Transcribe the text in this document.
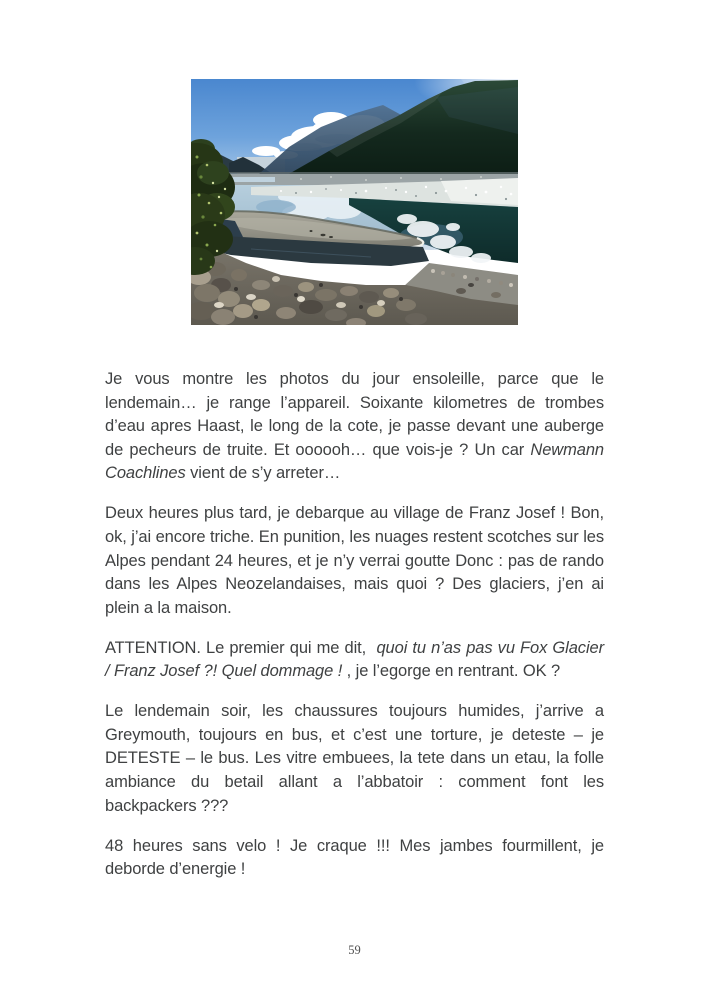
Je vous montre les photos du jour ensoleille, parce que le lendemain… je range l’appareil. Soixante kilometres de trombes d’eau apres Haast, le long de la cote, je passe devant une auberge de pecheurs de truite. Et oooooh… que vois-je ? Un car Newmann Coachlines vient de s’y arreter…

Deux heures plus tard, je debarque au village de Franz Josef ! Bon, ok, j’ai encore triche. En punition, les nuages restent scotches sur les Alpes pendant 24 heures, et je n’y verrai goutte Donc : pas de rando dans les Alpes Neozelandaises, mais quoi ? Des glaciers, j’en ai plein a la maison.

ATTENTION. Le premier qui me dit,  quoi tu n’as pas vu Fox Glacier / Franz Josef ?! Quel dommage ! , je l’egorge en rentrant. OK ?

Le lendemain soir, les chaussures toujours humides, j’arrive a Greymouth, toujours en bus, et c’est une torture, je deteste – je DETESTE – le bus. Les vitre embuees, la tete dans un etau, la folle ambiance du betail allant a l’abbatoir : comment font les backpackers ???

48 heures sans velo ! Je craque !!! Mes jambes fourmillent, je deborde d’energie !

59
